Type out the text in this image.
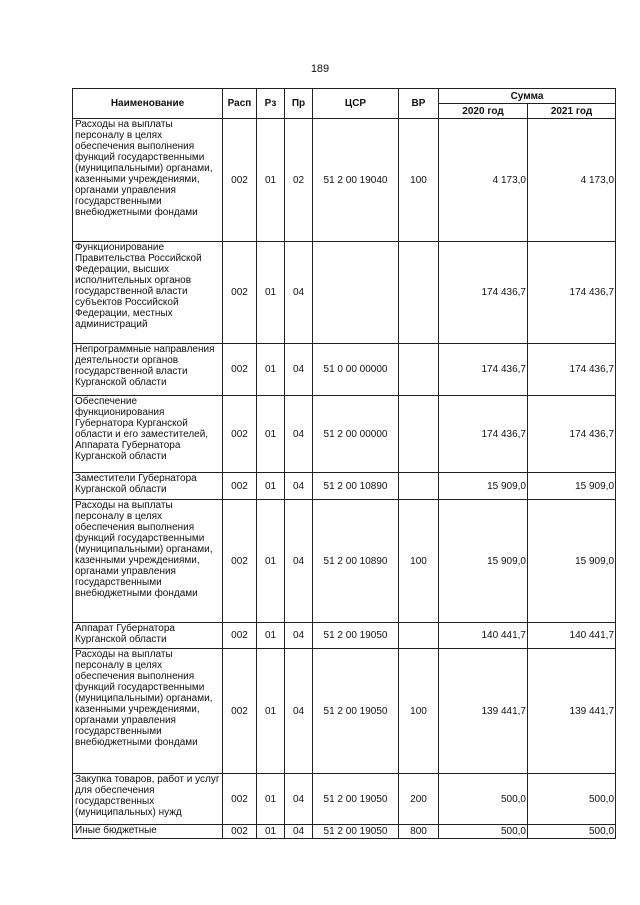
189
Наименование	Расп	Рз	Пр	ЦСР	ВР	Сумма	
						2020 год	2021 год
Расходы на выплаты персоналу в целях обеспечения выполнения функций государственными (муниципальными) органами, казенными учреждениями, органами управления государственными внебюджетными фондами	002	01	02	51 2 00 19040	100	4 173,0	4 173,0
Функционирование Правительства Российской Федерации, высших исполнительных органов государственной власти субъектов Российской Федерации, местных администраций	002	01	04			174 436,7	174 436,7
Непрограммные направления деятельности органов государственной власти Курганской области	002	01	04	51 0 00 00000		174 436,7	174 436,7
Обеспечение функционирования Губернатора Курганской области и его заместителей, Аппарата Губернатора Курганской области	002	01	04	51 2 00 00000		174 436,7	174 436,7
Заместители Губернатора Курганской области	002	01	04	51 2 00 10890		15 909,0	15 909,0
Расходы на выплаты персоналу в целях обеспечения выполнения функций государственными (муниципальными) органами, казенными учреждениями, органами управления государственными внебюджетными фондами	002	01	04	51 2 00 10890	100	15 909,0	15 909,0
Аппарат Губернатора Курганской области	002	01	04	51 2 00 19050		140 441,7	140 441,7
Расходы на выплаты персоналу в целях обеспечения выполнения функций государственными (муниципальными) органами, казенными учреждениями, органами управления государственными внебюджетными фондами	002	01	04	51 2 00 19050	100	139 441,7	139 441,7
Закупка товаров, работ и услуг для обеспечения государственных (муниципальных) нужд	002	01	04	51 2 00 19050	200	500,0	500,0
Иные бюджетные	002	01	04	51 2 00 19050	800	500,0	500,0
